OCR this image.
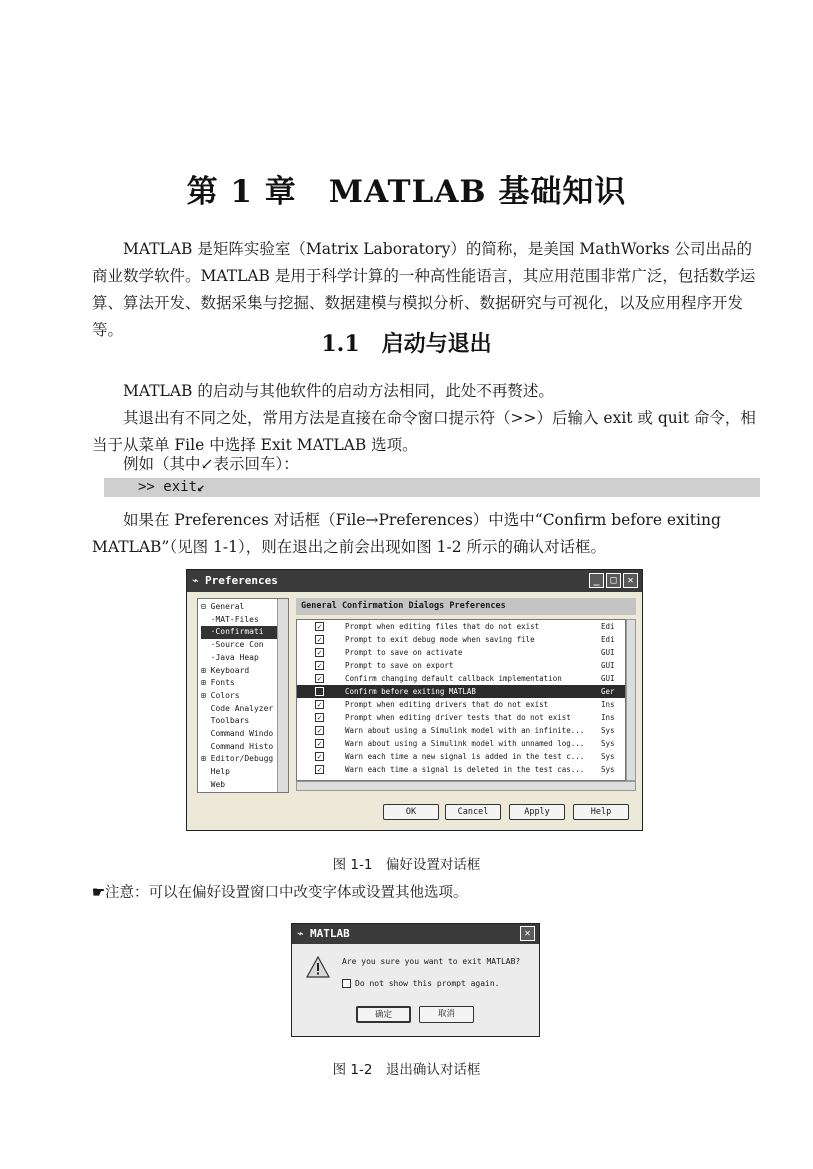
第 1 章　MATLAB 基础知识

MATLAB 是矩阵实验室（Matrix Laboratory）的简称，是美国 MathWorks 公司出品的商业数学软件。MATLAB 是用于科学计算的一种高性能语言，其应用范围非常广泛，包括数学运算、算法开发、数据采集与挖掘、数据建模与模拟分析、数据研究与可视化，以及应用程序开发等。

1.1　启动与退出

MATLAB 的启动与其他软件的启动方法相同，此处不再赘述。

其退出有不同之处，常用方法是直接在命令窗口提示符（>>）后输入 exit 或 quit 命令，相当于从菜单 File 中选择 Exit MATLAB 选项。

例如（其中↙表示回车）：

>> exit↙

如果在 Preferences 对话框（File→Preferences）中选中“Confirm before exiting MATLAB”（见图 1-1），则在退出之前会出现如图 1-2 所示的确认对话框。

⌁ Preferences	_	□	✕
⊟ General
·MAT-Files
·Confirmati
·Source Con
·Java Heap
⊞ Keyboard
⊞ Fonts
⊞ Colors
Code Analyzer
Toolbars
Command Windo
Command Histo
⊞ Editor/Debugg
Help
Web
General Confirmation Dialogs Preferences
✓	Prompt when editing files that do not exist	Edi
✓	Prompt to exit debug mode when saving file	Edi
✓	Prompt to save on activate	GUI
✓	Prompt to save on export	GUI
✓	Confirm changing default callback implementation	GUI
Confirm before exiting MATLAB	Ger
✓	Prompt when editing drivers that do not exist	Ins
✓	Prompt when editing driver tests that do not exist	Ins
✓	Warn about using a Simulink model with an infinite... Sys
✓	Warn about using a Simulink model with unnamed log... Sys
✓	Warn each time a new signal is added in the test c... Sys
✓	Warn each time a signal is deleted in the test cas... Sys
OK	Cancel	Apply	Help
图 1-1　偏好设置对话框
☛注意：可以在偏好设置窗口中改变字体或设置其他选项。
⌁ MATLAB	✕
Are you sure you want to exit MATLAB?
Do not show this prompt again.
确定	取消
图 1-2　退出确认对话框
